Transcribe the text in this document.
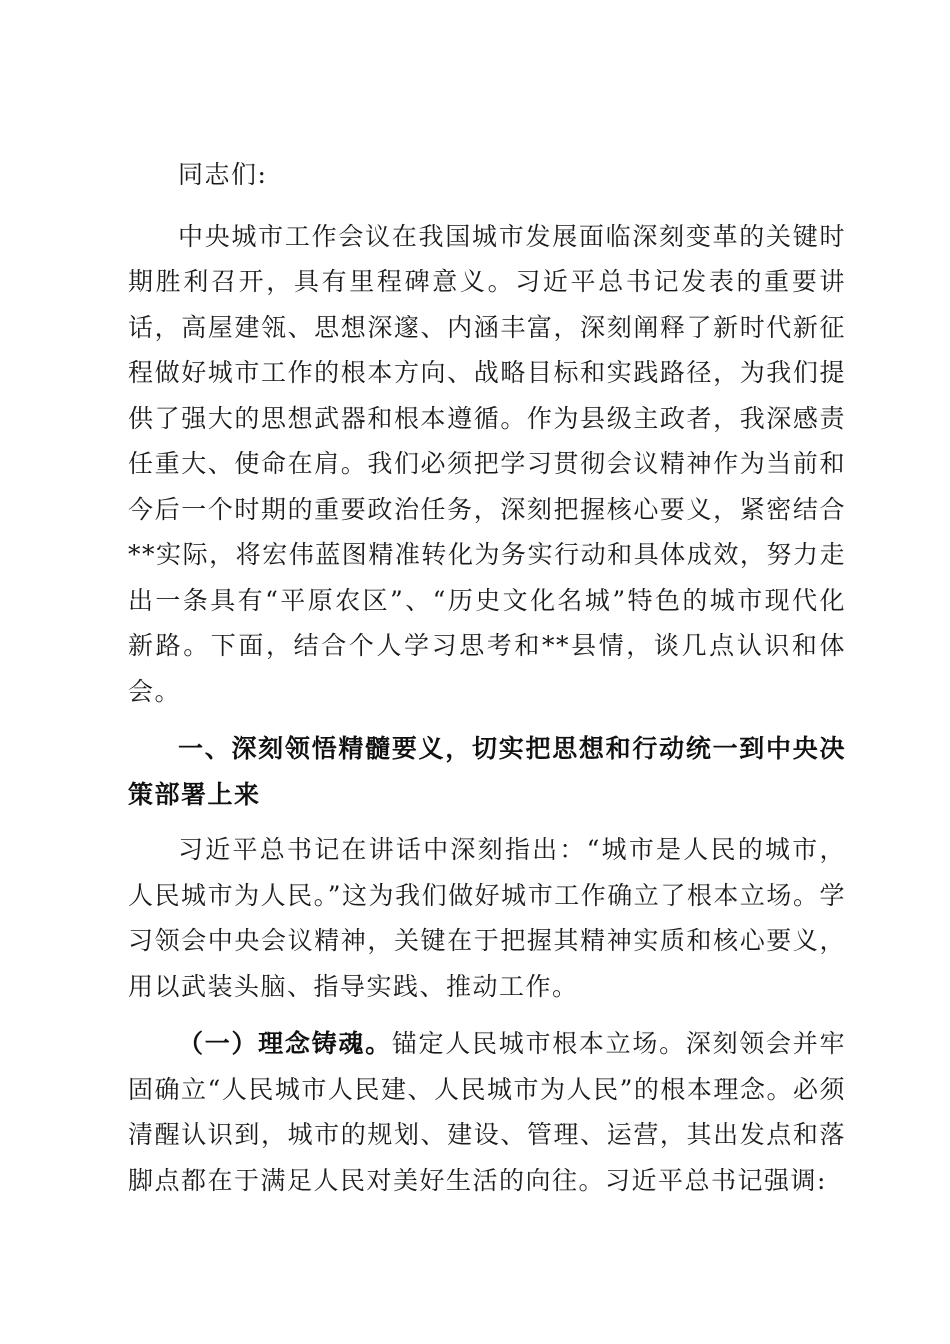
同志们:

中央城市工作会议在我国城市发展面临深刻变革的关键时期胜利召开，具有里程碑意义。习近平总书记发表的重要讲话，高屋建瓴、思想深邃、内涵丰富，深刻阐释了新时代新征程做好城市工作的根本方向、战略目标和实践路径，为我们提供了强大的思想武器和根本遵循。作为县级主政者，我深感责任重大、使命在肩。我们必须把学习贯彻会议精神作为当前和今后一个时期的重要政治任务，深刻把握核心要义，紧密结合**实际，将宏伟蓝图精准转化为务实行动和具体成效，努力走出一条具有“平原农区”、“历史文化名城”特色的城市现代化新路。下面，结合个人学习思考和**县情，谈几点认识和体会。

一、深刻领悟精髓要义，切实把思想和行动统一到中央决策部署上来

习近平总书记在讲话中深刻指出：“城市是人民的城市，人民城市为人民。”这为我们做好城市工作确立了根本立场。学习领会中央会议精神，关键在于把握其精神实质和核心要义，用以武装头脑、指导实践、推动工作。

（一）理念铸魂。锚定人民城市根本立场。深刻领会并牢固确立“人民城市人民建、人民城市为人民”的根本理念。必须清醒认识到，城市的规划、建设、管理、运营，其出发点和落脚点都在于满足人民对美好生活的向往。习近平总书记强调:
